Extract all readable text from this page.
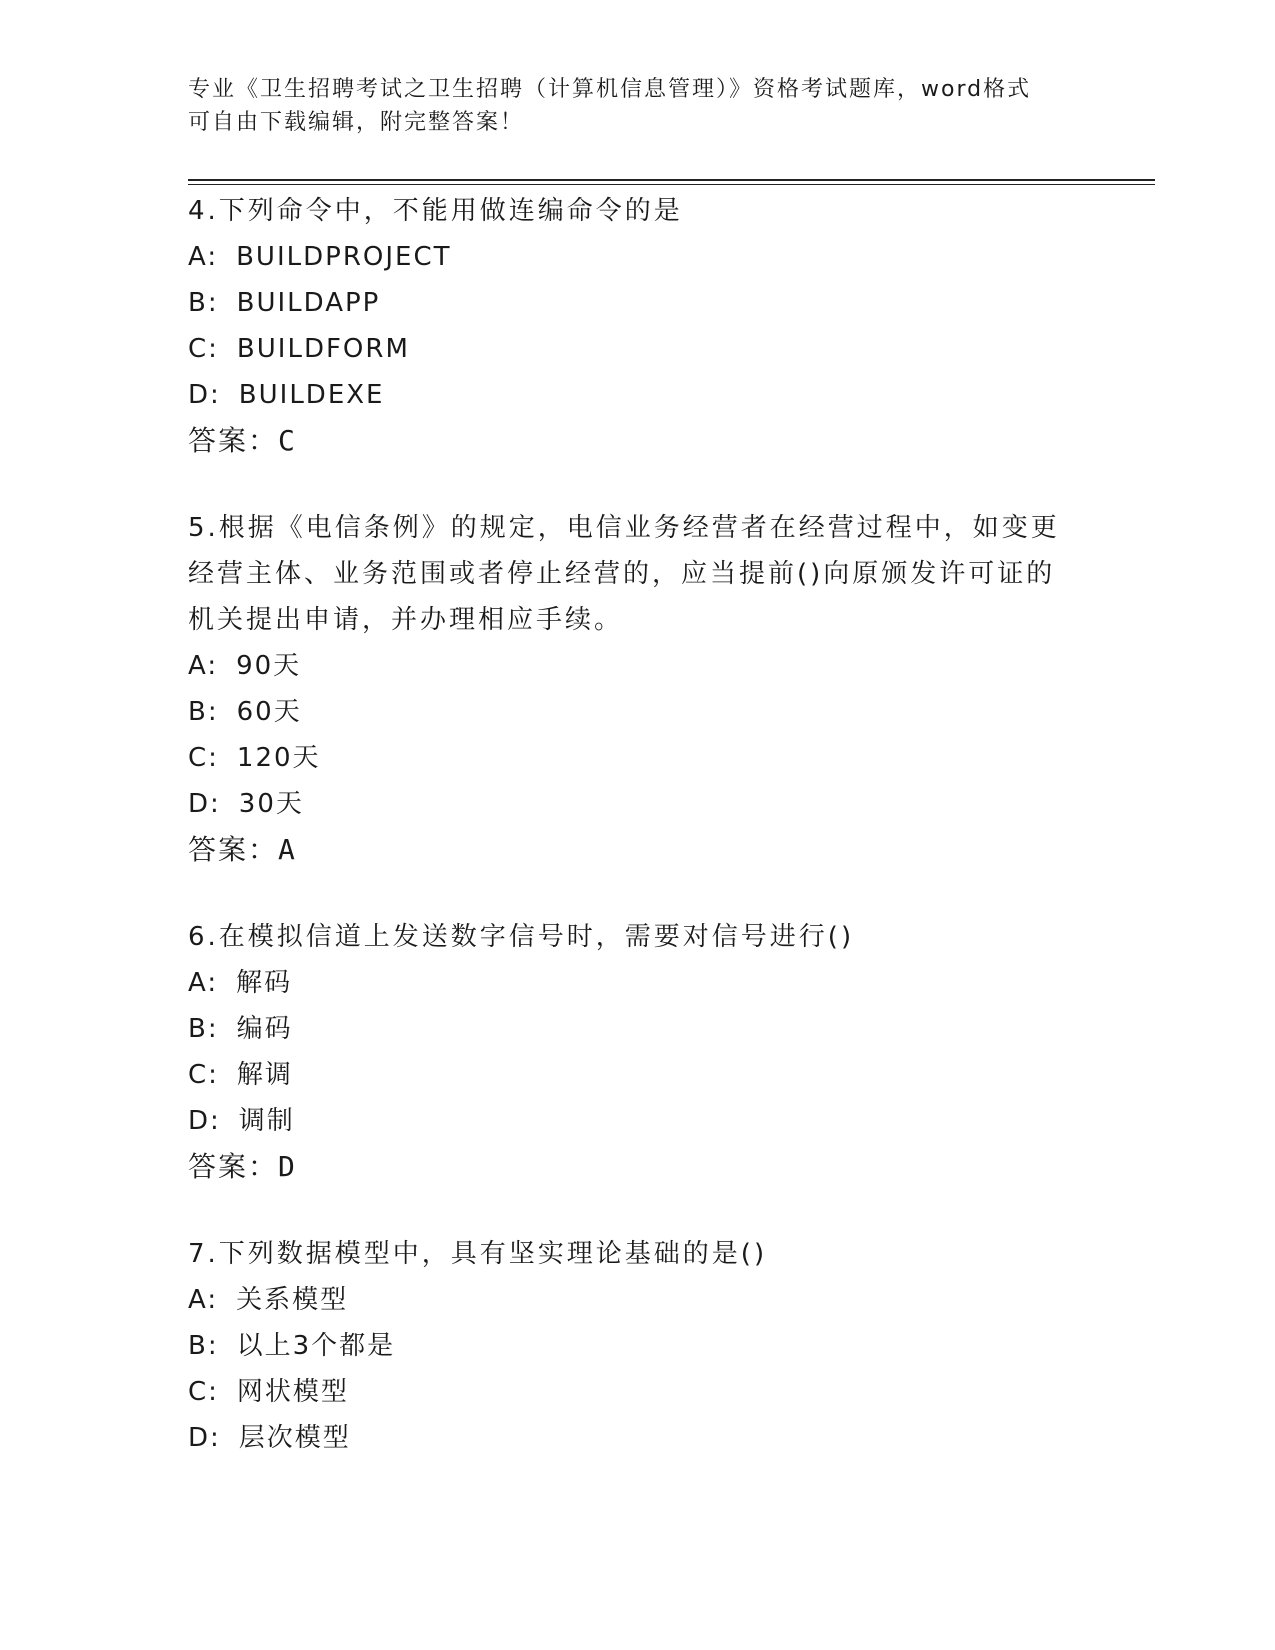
专业《卫生招聘考试之卫生招聘（计算机信息管理）》资格考试题库，word格式
可自由下载编辑，附完整答案！
4.下列命令中，不能用做连编命令的是
A: BUILDPROJECT
B: BUILDAPP
C: BUILDFORM
D: BUILDEXE
答案：C
5.根据《电信条例》的规定，电信业务经营者在经营过程中，如变更
经营主体、业务范围或者停止经营的，应当提前()向原颁发许可证的
机关提出申请，并办理相应手续。
A: 90天
B: 60天
C: 120天
D: 30天
答案：A
6.在模拟信道上发送数字信号时，需要对信号进行()
A: 解码
B: 编码
C: 解调
D: 调制
答案：D
7.下列数据模型中，具有坚实理论基础的是()
A: 关系模型
B: 以上3个都是
C: 网状模型
D: 层次模型
